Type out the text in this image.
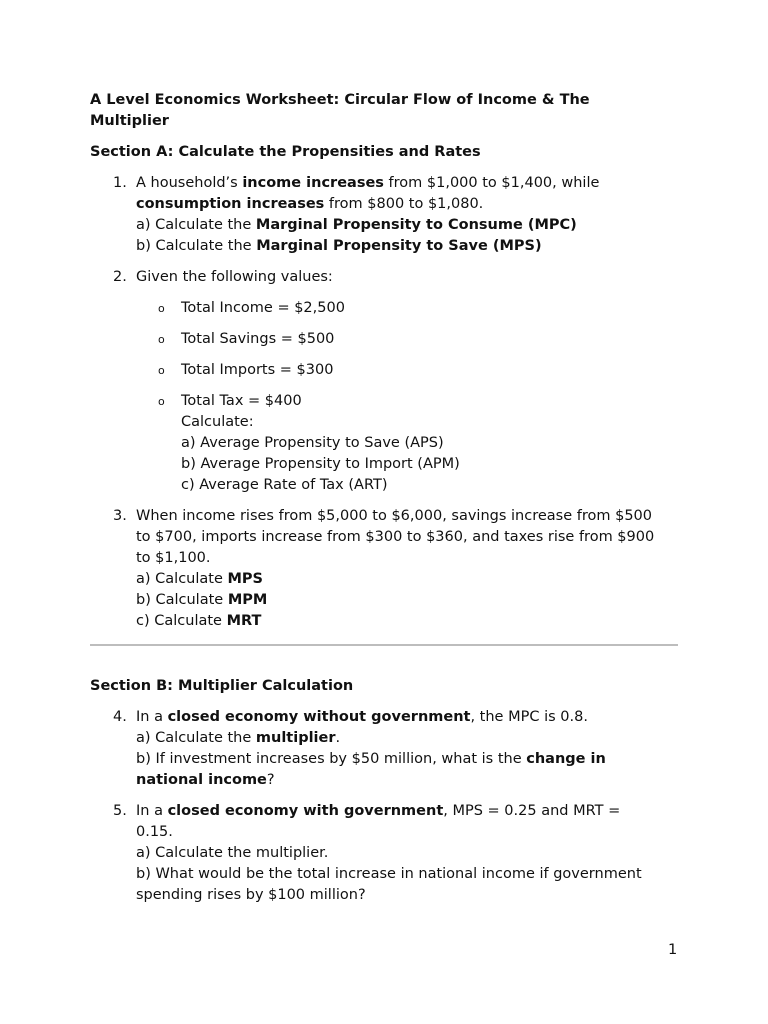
A Level Economics Worksheet: Circular Flow of Income & The
Multiplier
Section A: Calculate the Propensities and Rates
1. A household’s income increases from $1,000 to $1,400, while
consumption increases from $800 to $1,080.

a) Calculate the Marginal Propensity to Consume (MPC)

b) Calculate the Marginal Propensity to Save (MPS)

2. Given the following values:

o Total Income = $2,500

o Total Savings = $500

o Total Imports = $300

o Total Tax = $400

Calculate:

a) Average Propensity to Save (APS)

b) Average Propensity to Import (APM)

c) Average Rate of Tax (ART)

3. When income rises from $5,000 to $6,000, savings increase from $500
to $700, imports increase from $300 to $360, and taxes rise from $900
to $1,100.

a) Calculate MPS

b) Calculate MPM

c) Calculate MRT

Section B: Multiplier Calculation
4. In a closed economy without government, the MPC is 0.8.

a) Calculate the multiplier.

b) If investment increases by $50 million, what is the change in
national income?

5. In a closed economy with government, MPS = 0.25 and MRT =
0.15.

a) Calculate the multiplier.

b) What would be the total increase in national income if government
spending rises by $100 million?

1
